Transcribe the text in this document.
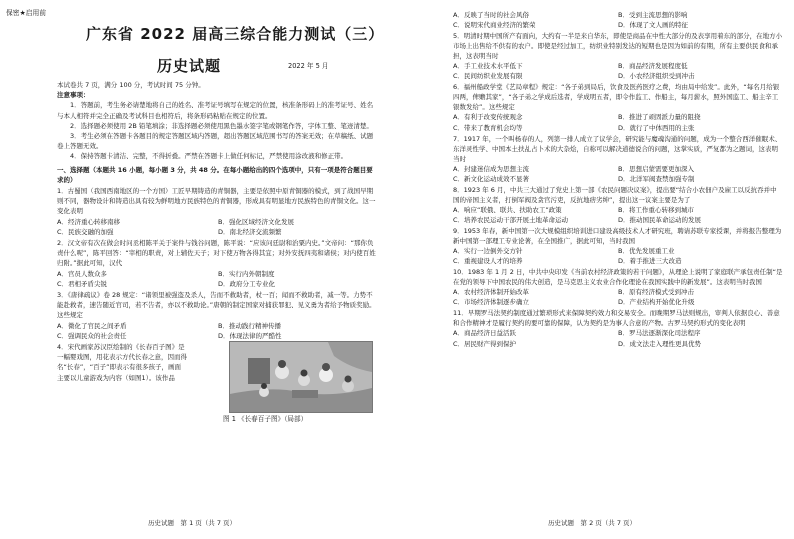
保密★启用前
广东省 2022 届高三综合能力测试（三）
历史试题	2022 年 5 月

本试卷共 7 页，满分 100 分，考试时间 75 分钟。

注意事项：

1．答题前，考生务必请楚地将自己的姓名、准考证号填写在规定的位置，核准条形码上的准考证号、姓名与本人相符并完全正确及考试科目也相符后，将条形码粘贴在规定的位置。

2．选择题必须使用 2B 铅笔填涂；非选择题必须使用黑色墨水签字笔或钢笔作答，字体工整、笔迹清楚。

3．考生必须在答题卡各题目的规定答题区域内答题，超出答题区域范围书写的答案无效；在草稿纸、试题卷上答题无效。

4．保持答题卡清洁、完整，不得折叠。严禁在答题卡上做任何标记，严禁使用涂改液和修正带。

一、选择题（本题共 16 小题，每小题 3 分，共 48 分。在每小题给出的四个选项中，只有一项是符合题目要求的）

1．古蜀国（我国西南地区的一个方国）工匠早期铸造的青铜器，主要是依照中原青铜器的模式，到了战国早期则不同，器物设计和铸造出具有较为鲜明地方民族特色的青铜器，形成具有明显地方民族特色的青铜文化。这一变化表明

A．经济重心转移南移	B．强化区域经济文化发展
C．民族交融的加强	D．南北经济交流频繁

2．汉文帝有次在做会时问丞相陈平关于案件与钱谷问题，陈平说：“应该问廷尉和治粟内史。”文帝问：“那你负责什么呢”，陈平回答：“宰相的职责，对上辅佐天子；对下使万物各得其宜；对外安抚四夷和诸侯；对内使百姓归附。”据此可知，汉代

A．官员人数众多	B．实行内外朝制度
C．君相矛盾尖锐	D．政府分工专业化

3．《唐律疏议》卷 28 规定：“诸领里被强盗及杀人，告而不救助者，杖一百；闻而不救助者，减一等。力势不能赴救者，速告随近官司，若不告者，亦以不救助论。”唐朝的制定国家对捕获罪犯、见义勇为者给予物质奖励。这些规定

A．微化了官民之间矛盾	B．推动践行精神传播
C．强调民众的社会责任	D．体现法律的严酷性

4．宋代画家苏汉臣绘制的《长春百子图》是一幅婴戏图，用花表示方代长春之意，因而得名“长春”，“百子”即表示有很多孩子，画面主要以儿童游戏为内容（如图1）。该作品

图 1 《长春百子图》（局部）
历史试题　第 1 页（共 7 页）
A．反映了当时的社会风俗	B．受到主流思想的影响
C．说明宋代商业经济的繁荣	D．体现了文人画的特征

5．明清时期中国所产有面向，大约有一半是来自华东，即使是商品在中性大部分的及表享用着东的部分，在地方小市场上出售给不供有的农户。即使是经过加工，纺织业特别发达的短期也是因为如前的有期，所有主要供民食和承担，这表明当时

A．手工业技术水平低下	B．商品经济发展程度低
C．民间纺织业发展有限	D．小农经济组织受到冲击

6．福州船政学堂《艺局章程》规定：“各子弟到局后，饮食及医药医疗之费，均由局中给发”。此外，“每名月给银四两，俾赡其家”，“各子弟之学成后选者，学成明五者，即令作监工、作船主，每月薪水，照外国监工、船主辛工银数发给”。这些规定

A．有利于改变传统观念	B．推进了顽固派力量的阻挠
C．带来了教育机会均等	D．就行了中体西用的主张

7．1917 年，一个叫杨春的人，列第一排人成立了议学会，研究能与魔魂沟通的问题，成为一个整合西洋催眠术、东洋灵性学、中国本土扶乩占卜术的大杂烩，自称可以解决道德说合的问题，这掌实质，严复都为之题词，这表明当时

A．封建迷信成为思想主流	B．思想启蒙需要更加深入
C．新文化运动成效不显著	D．北洋军阀查禁加强专制

8．1923 年 6 月，中共三大通过了党史上第一部《农民问题决议案》，提出要“结合小农佃户及雇工以反抗吞并中国的帝国主义者，打倒军阀及贪官污吏，反抗地痞劣绅”，提出这一议案主要是为了

A．响应“联俄、联共、扶助农工”政策	B．将工作重心转移到城市
C．培养农民运动干部开展土地革命运动	D．推动国民革命运动的发展

9．1953 年春，新中国第一次大规模组织培训进口建设高级技术人才研究班，聘请苏联专家授课，并将报告整理为新中国第一部理工专业论著，在全国推广，据此可知，当时我国

A．实行一边倒外交方针	B．优先发展重工业
C．重视建设人才的培养	D．着手推进三大改造

10．1983 年 1 月 2 日，中共中央印发《当前农村经济政策的若干问题》，从理论上说明了家庭联产承包责任制“是在党的领导下中国农民的伟大创造，是马克思主义农业合作化理论在我国实践中的新发展”。这表明当时我国

A．农村经济体制开始改革	B．原有经济模式受到冲击
C．市场经济体制逐步确立	D．产业结构开始优化升级

11．早期罗马法契约制度通过繁琐形式来保障契约效力和交易安全。而晚期罗马法则规出，审判人依据良心、善意和合作精神才是履行契约的要可靠的保障，认为契约是为事人合意的产物。古罗马契约形式的变化表明

A．商品经济日益活跃	B．罗马法逐渐深化司法程序
C．居民财产得到保护	D．成文法走入理性更具优势
历史试题　第 2 页（共 7 页）
